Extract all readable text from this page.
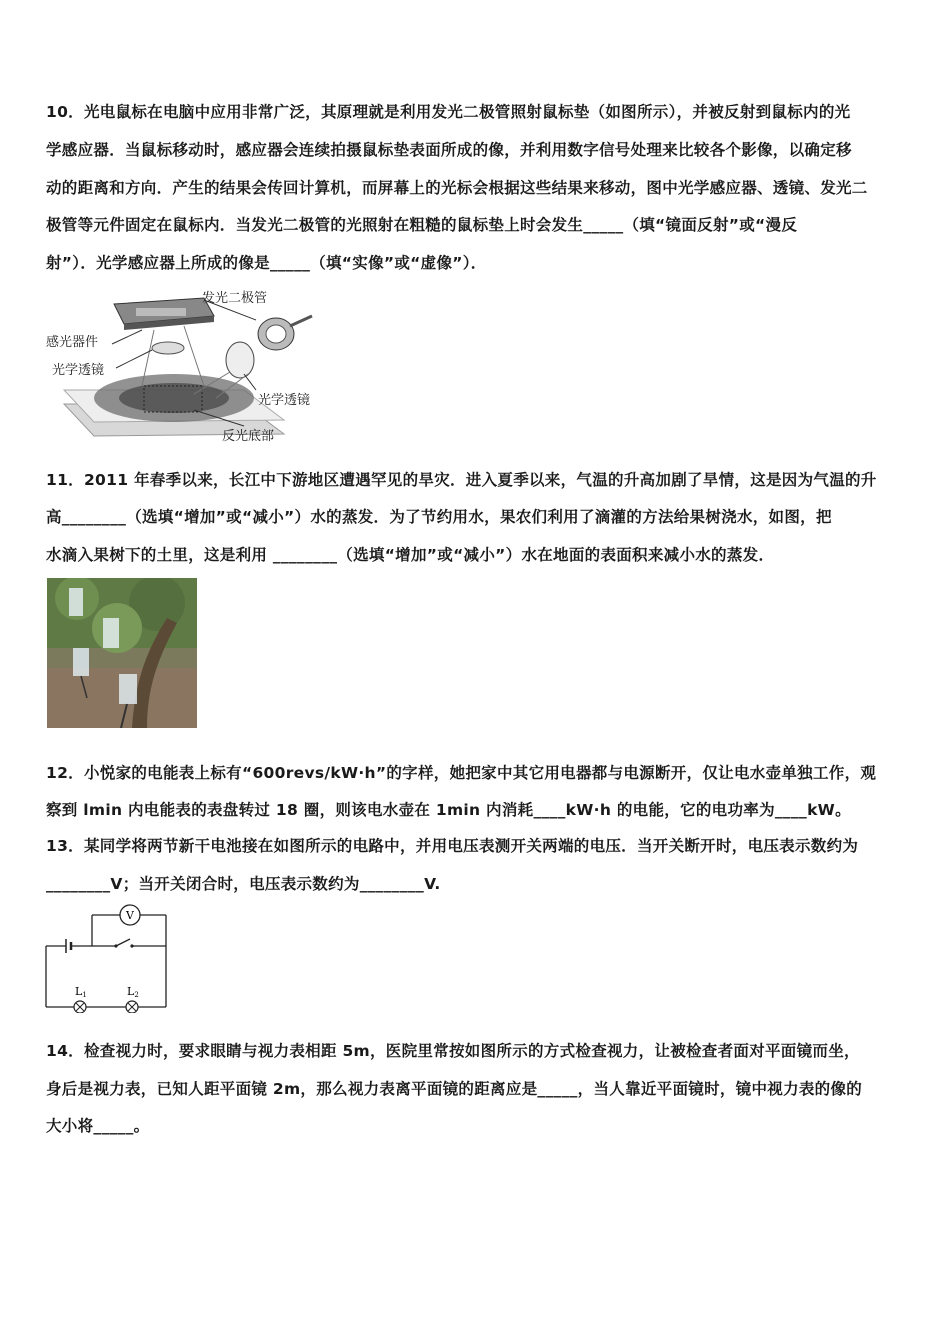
10．光电鼠标在电脑中应用非常广泛，其原理就是利用发光二极管照射鼠标垫（如图所示），并被反射到鼠标内的光
学感应器．当鼠标移动时，感应器会连续拍摄鼠标垫表面所成的像，并利用数字信号处理来比较各个影像，以确定移
动的距离和方向．产生的结果会传回计算机，而屏幕上的光标会根据这些结果来移动，图中光学感应器、透镜、发光二
极管等元件固定在鼠标内．当发光二极管的光照射在粗糙的鼠标垫上时会发生_____（填“镜面反射”或“漫反
射”）．光学感应器上所成的像是_____（填“实像”或“虚像”）．
发光二极管
感光器件
光学透镜
光学透镜
反光底部
11．2011 年春季以来，长江中下游地区遭遇罕见的旱灾．进入夏季以来，气温的升高加剧了旱情，这是因为气温的升
高________（选填“增加”或“减小”）水的蒸发．为了节约用水，果农们利用了滴灌的方法给果树浇水，如图，把
水滴入果树下的土里，这是利用 ________（选填“增加”或“减小”）水在地面的表面积来减小水的蒸发．
12．小悦家的电能表上标有“600revs/kW·h”的字样，她把家中其它用电器都与电源断开，仅让电水壶单独工作，观
察到 lmin 内电能表的表盘转过 18 圈，则该电水壶在 1min 内消耗____kW·h 的电能，它的电功率为____kW。
13．某同学将两节新干电池接在如图所示的电路中，并用电压表测开关两端的电压．当开关断开时，电压表示数约为
________V；当开关闭合时，电压表示数约为________V.
V
L1	L2
14．检查视力时，要求眼睛与视力表相距 5m，医院里常按如图所示的方式检查视力，让被检查者面对平面镜而坐，
身后是视力表，已知人距平面镜 2m，那么视力表离平面镜的距离应是_____，当人靠近平面镜时，镜中视力表的像的
大小将_____。
